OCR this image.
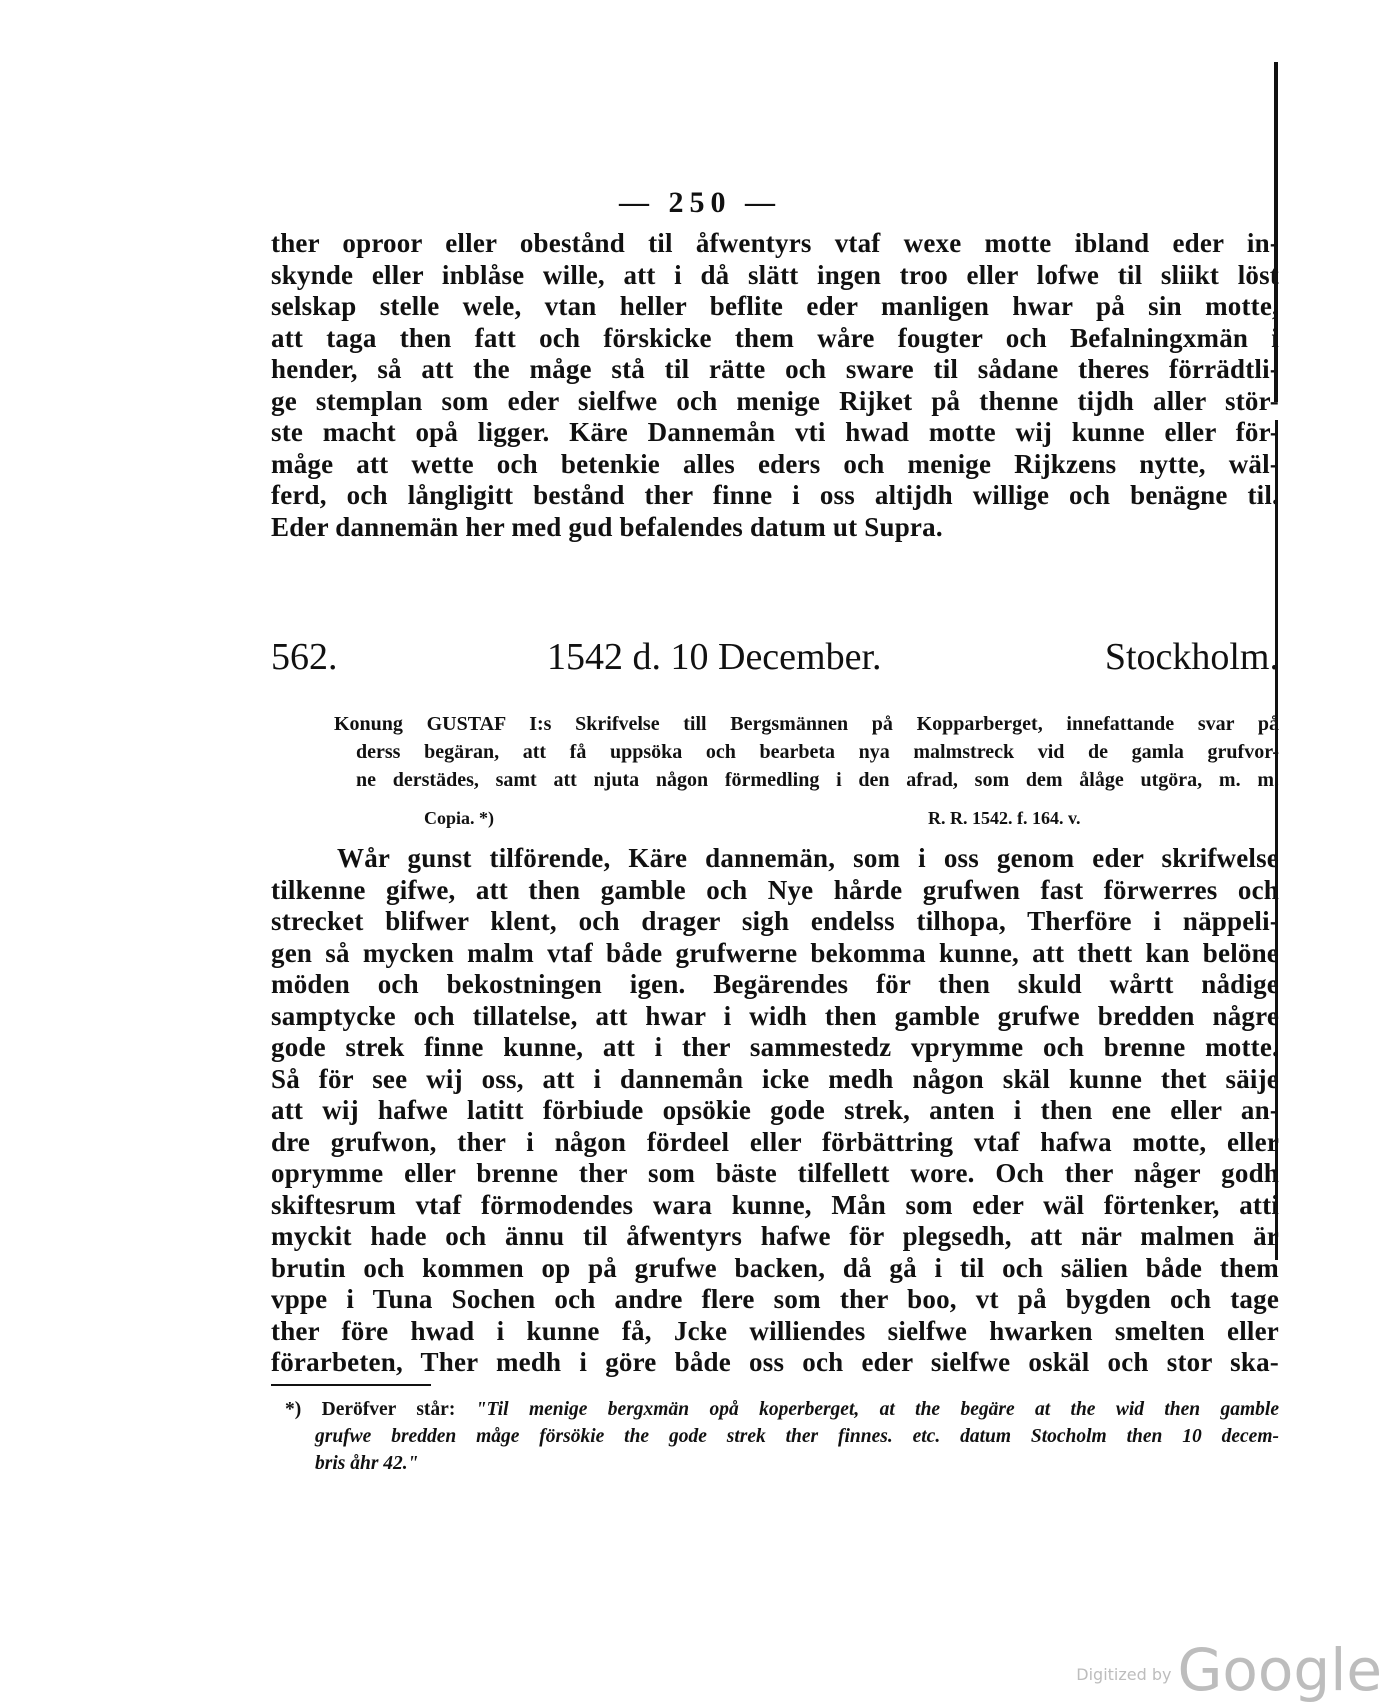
— 250 —
ther oproor eller obestånd til åfwentyrs vtaf wexe motte ibland eder in-
skynde eller inblåse wille, att i då slätt ingen troo eller lofwe til sliikt löst
selskap stelle wele, vtan heller beflite eder manligen hwar på sin motte,
att taga then fatt och förskicke them wåre fougter och Befalningxmän i
hender, så att the måge stå til rätte och sware til sådane theres förrädtli-
ge stemplan som eder sielfwe och menige Rijket på thenne tijdh aller stör-
ste macht opå ligger. Käre Dannemån vti hwad motte wij kunne eller för-
måge att wette och betenkie alles eders och menige Rijkzens nytte, wäl-
ferd, och långligitt bestånd ther finne i oss altijdh willige och benägne til.
Eder dannemän her med gud befalendes datum ut Supra.
562.	1542 d. 10 December.	Stockholm.
Konung GUSTAF I:s Skrifvelse till Bergsmännen på Kopparberget, innefattande svar på
derss begäran, att få uppsöka och bearbeta nya malmstreck vid de gamla grufvor-
ne derstädes, samt att njuta någon förmedling i den afrad, som dem ålåge utgöra, m. m.
Copia. *)	R. R. 1542. f. 164. v.
Wår gunst tilförende, Käre dannemän, som i oss genom eder skrifwelse
tilkenne gifwe, att then gamble och Nye hårde grufwen fast förwerres och
strecket blifwer klent, och drager sigh endelss tilhopa, Therföre i näppeli-
gen så mycken malm vtaf både grufwerne bekomma kunne, att thett kan belöne
möden och bekostningen igen. Begärendes för then skuld wårtt nådige
samptycke och tillatelse, att hwar i widh then gamble grufwe bredden någre
gode strek finne kunne, att i ther sammestedz vprymme och brenne motte.
Så för see wij oss, att i dannemån icke medh någon skäl kunne thet säije
att wij hafwe latitt förbiude opsökie gode strek, anten i then ene eller an-
dre grufwon, ther i någon fördeel eller förbättring vtaf hafwa motte, eller
oprymme eller brenne ther som bäste tilfellett wore. Och ther någer godh
skiftesrum vtaf förmodendes wara kunne, Mån som eder wäl förtenker, atti
myckit hade och ännu til åfwentyrs hafwe för plegsedh, att när malmen är
brutin och kommen op på grufwe backen, då gå i til och sälien både them
vppe i Tuna Sochen och andre flere som ther boo, vt på bygden och tage
ther före hwad i kunne få, Jcke williendes sielfwe hwarken smelten eller
förarbeten, Ther medh i göre både oss och eder sielfwe oskäl och stor ska-
*) Deröfver står: "Til menige bergxmän opå koperberget, at the begäre at the wid then gamble
grufwe bredden måge försökie the gode strek ther finnes. etc. datum Stocholm then 10 decem-
bris åhr 42."
Digitized by Google
